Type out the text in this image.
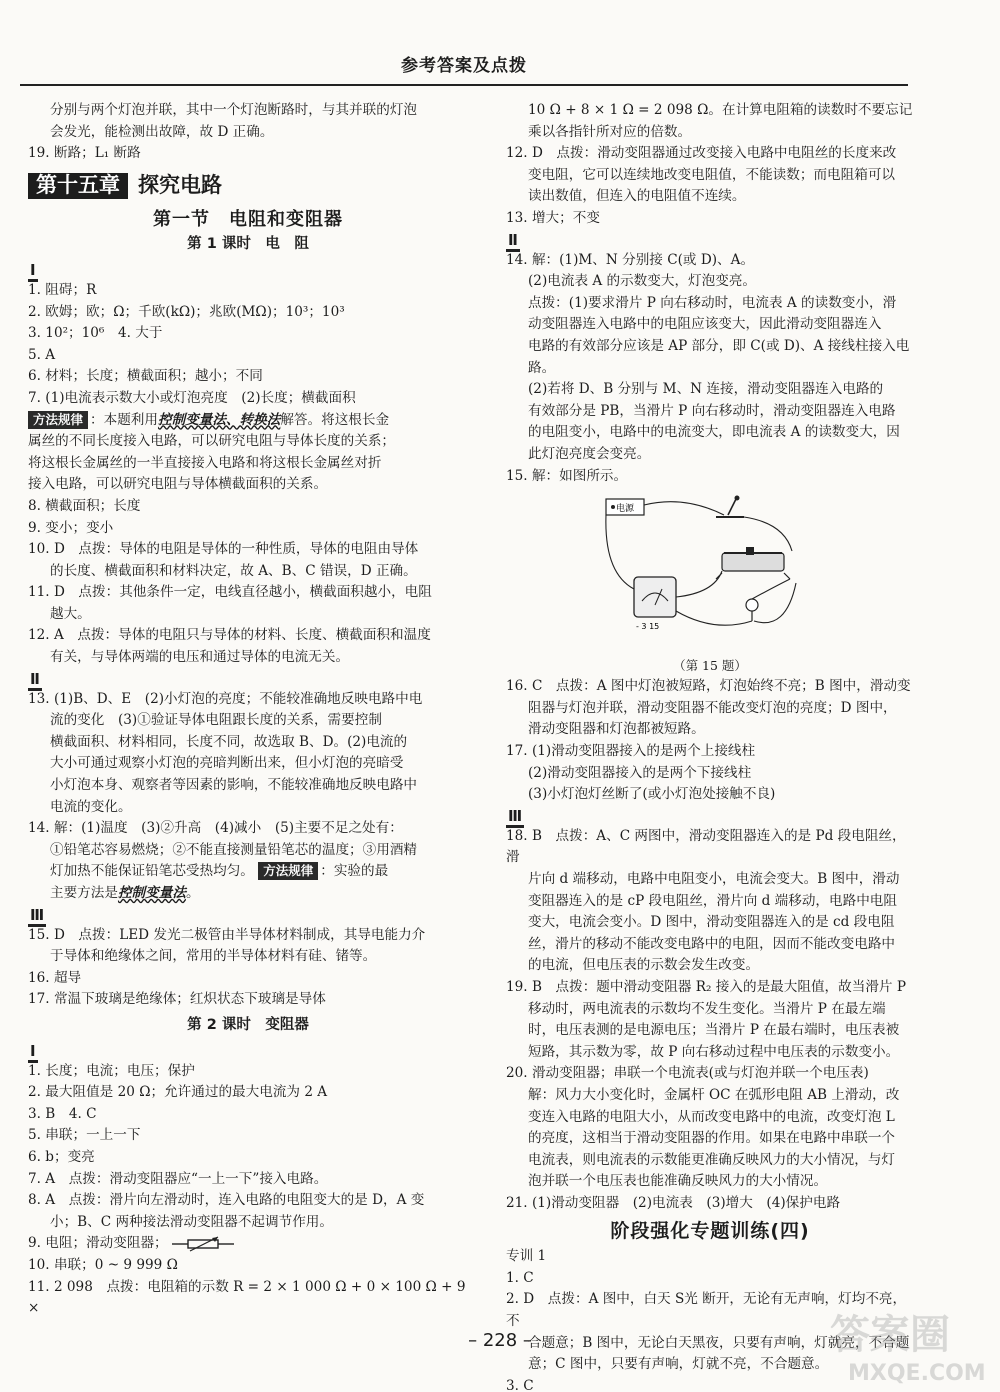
参考答案及点拨
分别与两个灯泡并联，其中一个灯泡断路时，与其并联的灯泡
会发光，能检测出故障，故 D 正确。
19. 断路；L₁ 断路
第十五章 探究电路
第一节　电阻和变阻器
第 1 课时　电　阻
Ⅰ
1. 阻碍；R
2. 欧姆；欧；Ω；千欧(kΩ)；兆欧(MΩ)；10³；10³
3. 10²；10⁶　4. 大于
5. A
6. 材料；长度；横截面积；越小；不同
7. (1)电流表示数大小或灯泡亮度　(2)长度；横截面积
方法规律 ：本题利用控制变量法、转换法解答。将这根长金
属丝的不同长度接入电路，可以研究电阻与导体长度的关系；
将这根长金属丝的一半直接接入电路和将这根长金属丝对折
接入电路，可以研究电阻与导体横截面积的关系。
8. 横截面积；长度
9. 变小；变小
10. D　点拨：导体的电阻是导体的一种性质，导体的电阻由导体
的长度、横截面积和材料决定，故 A、B、C 错误，D 正确。
11. D　点拨：其他条件一定，电线直径越小，横截面积越小，电阻
越大。
12. A　点拨：导体的电阻只与导体的材料、长度、横截面积和温度
有关，与导体两端的电压和通过导体的电流无关。
Ⅱ
13. (1)B、D、E　(2)小灯泡的亮度；不能较准确地反映电路中电
流的变化　(3)①验证导体电阻跟长度的关系，需要控制
横截面积、材料相同，长度不同，故选取 B、D。(2)电流的
大小可通过观察小灯泡的亮暗判断出来，但小灯泡的亮暗受
小灯泡本身、观察者等因素的影响，不能较准确地反映电路中
电流的变化。
14. 解：(1)温度　(3)②升高　(4)减小　(5)主要不足之处有：
①铅笔芯容易燃烧；②不能直接测量铅笔芯的温度；③用酒精
灯加热不能保证铅笔芯受热均匀。 方法规律 ：实验的最
主要方法是控制变量法。
Ⅲ
15. D　点拨：LED 发光二极管由半导体材料制成，其导电能力介
于导体和绝缘体之间，常用的半导体材料有硅、锗等。
16. 超导
17. 常温下玻璃是绝缘体；红炽状态下玻璃是导体
第 2 课时　变阻器
Ⅰ
1. 长度；电流；电压；保护
2. 最大阻值是 20 Ω；允许通过的最大电流为 2 A
3. B　4. C
5. 串联；一上一下
6. b；变亮
7. A　点拨：滑动变阻器应“一上一下”接入电路。
8. A　点拨：滑片向左滑动时，连入电路的电阻变大的是 D，A 变
小；B、C 两种接法滑动变阻器不起调节作用。
9. 电阻；滑动变阻器；
10. 串联；0 ~ 9 999 Ω
11. 2 098　点拨：电阻箱的示数 R = 2 × 1 000 Ω + 0 × 100 Ω + 9 ×
10 Ω + 8 × 1 Ω = 2 098 Ω。在计算电阻箱的读数时不要忘记
乘以各指针所对应的倍数。
12. D　点拨：滑动变阻器通过改变接入电路中电阻丝的长度来改
变电阻，它可以连续地改变电阻值，不能读数；而电阻箱可以
读出数值，但连入的电阻值不连续。
13. 增大；不变
Ⅱ
14. 解：(1)M、N 分别接 C(或 D)、A。
(2)电流表 A 的示数变大，灯泡变亮。
点拨：(1)要求滑片 P 向右移动时，电流表 A 的读数变小，滑
动变阻器连入电路中的电阻应该变大，因此滑动变阻器连入
电路的有效部分应该是 AP 部分，即 C(或 D)、A 接线柱接入电路。
(2)若将 D、B 分别与 M、N 连接，滑动变阻器连入电路的
有效部分是 PB，当滑片 P 向右移动时，滑动变阻器连入电路
的电阻变小，电路中的电流变大，即电流表 A 的读数变大，因
此灯泡亮度会变亮。
15. 解：如图所示。
电源
- 3 15
（第 15 题）
16. C　点拨：A 图中灯泡被短路，灯泡始终不亮；B 图中，滑动变
阻器与灯泡并联，滑动变阻器不能改变灯泡的亮度；D 图中，
滑动变阻器和灯泡都被短路。
17. (1)滑动变阻器接入的是两个上接线柱
(2)滑动变阻器接入的是两个下接线柱
(3)小灯泡灯丝断了(或小灯泡处接触不良)
Ⅲ
18. B　点拨：A、C 两图中，滑动变阻器连入的是 Pd 段电阻丝，滑
片向 d 端移动，电路中电阻变小，电流会变大。B 图中，滑动
变阻器连入的是 cP 段电阻丝，滑片向 d 端移动，电路中电阻
变大，电流会变小。D 图中，滑动变阻器连入的是 cd 段电阻
丝，滑片的移动不能改变电路中的电阻，因而不能改变电路中
的电流，但电压表的示数会发生改变。
19. B　点拨：题中滑动变阻器 R₂ 接入的是最大阻值，故当滑片 P
移动时，两电流表的示数均不发生变化。当滑片 P 在最左端
时，电压表测的是电源电压；当滑片 P 在最右端时，电压表被
短路，其示数为零，故 P 向右移动过程中电压表的示数变小。
20. 滑动变阻器；串联一个电流表(或与灯泡并联一个电压表)
解：风力大小变化时，金属杆 OC 在弧形电阻 AB 上滑动，改
变连入电路的电阻大小，从而改变电路中的电流，改变灯泡 L
的亮度，这相当于滑动变阻器的作用。如果在电路中串联一个
电流表，则电流表的示数能更准确反映风力的大小情况，与灯
泡并联一个电压表也能准确反映风力的大小情况。
21. (1)滑动变阻器　(2)电流表　(3)增大　(4)保护电路
阶段强化专题训练(四)
专训 1
1. C
2. D　点拨：A 图中，白天 S光 断开，无论有无声响，灯均不亮，不
合题意；B 图中，无论白天黑夜，只要有声响，灯就亮，不合题
意；C 图中，只要有声响，灯就不亮，不合题意。
3. C
– 228 –	答案圈
MXQE.COM
